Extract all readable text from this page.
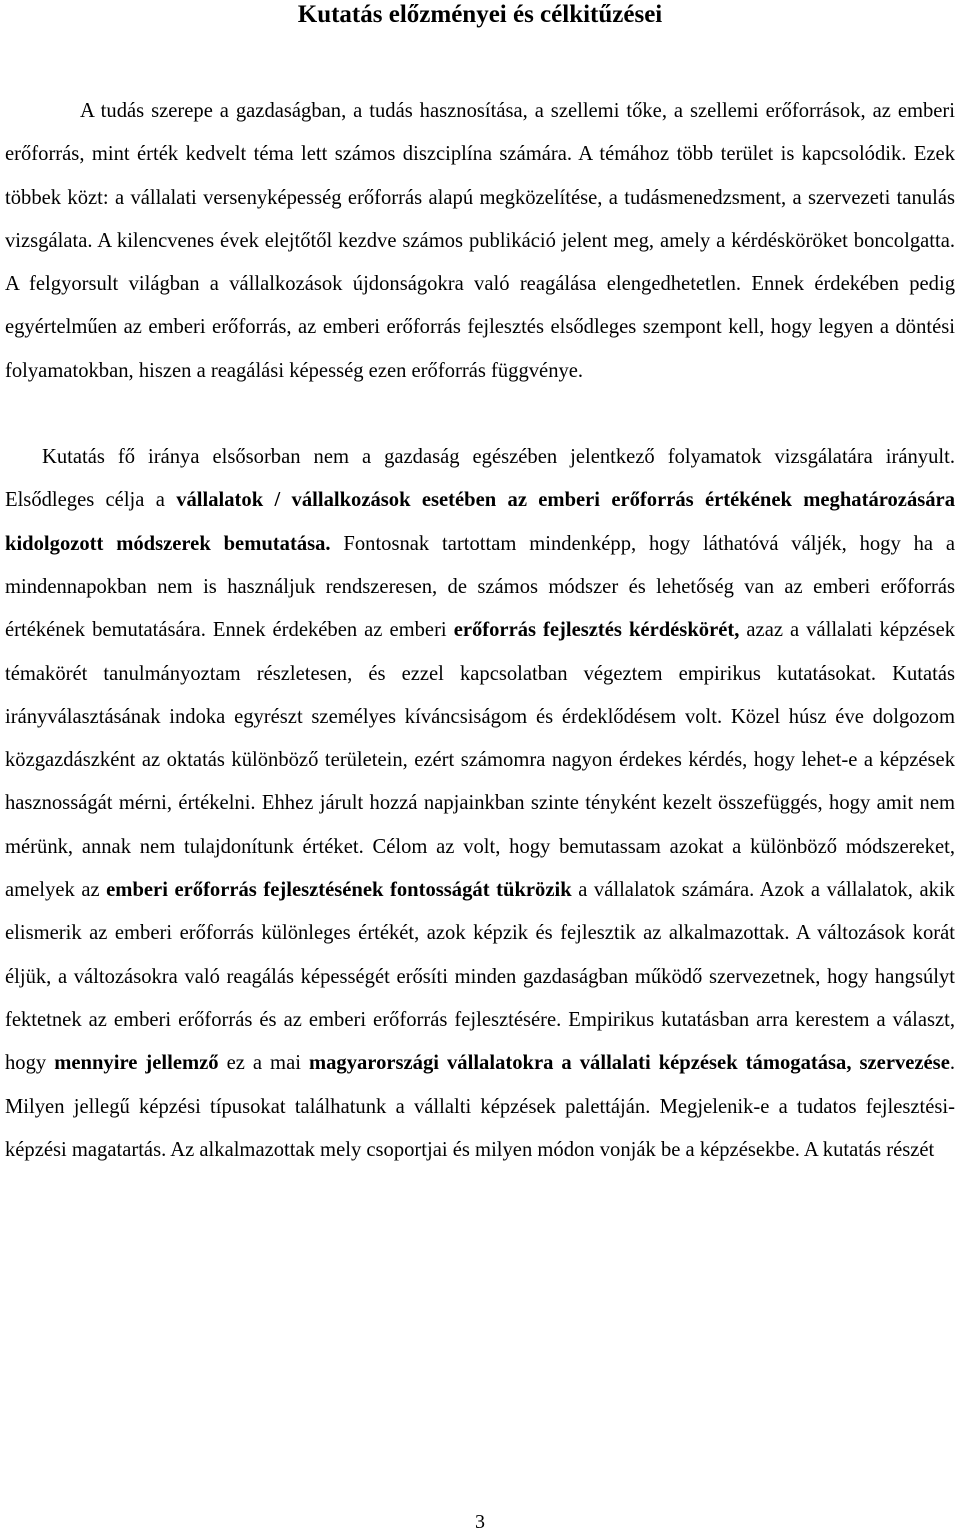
Kutatás előzményei és célkitűzései

A tudás szerepe a gazdaságban, a tudás hasznosítása, a szellemi tőke, a szellemi erőforrások, az emberi erőforrás, mint érték kedvelt téma lett számos diszciplína számára. A témához több terület is kapcsolódik. Ezek többek közt: a vállalati versenyképesség erőforrás alapú megközelítése, a tudásmenedzsment, a szervezeti tanulás vizsgálata. A kilencvenes évek elejtőtől kezdve számos publikáció jelent meg, amely a kérdésköröket boncolgatta. A felgyorsult világban a vállalkozások újdonságokra való reagálása elengedhetetlen. Ennek érdekében pedig egyértelműen az emberi erőforrás, az emberi erőforrás fejlesztés elsődleges szempont kell, hogy legyen a döntési folyamatokban, hiszen a reagálási képesség ezen erőforrás függvénye.

Kutatás fő iránya elsősorban nem a gazdaság egészében jelentkező folyamatok vizsgálatára irányult. Elsődleges célja a vállalatok / vállalkozások esetében az emberi erőforrás értékének meghatározására kidolgozott módszerek bemutatása. Fontosnak tartottam mindenképp, hogy láthatóvá váljék, hogy ha a mindennapokban nem is használjuk rendszeresen, de számos módszer és lehetőség van az emberi erőforrás értékének bemutatására. Ennek érdekében az emberi erőforrás fejlesztés kérdéskörét, azaz a vállalati képzések témakörét tanulmányoztam részletesen, és ezzel kapcsolatban végeztem empirikus kutatásokat. Kutatás irányválasztásának indoka egyrészt személyes kíváncsiságom és érdeklődésem volt. Közel húsz éve dolgozom közgazdászként az oktatás különböző területein, ezért számomra nagyon érdekes kérdés, hogy lehet-e a képzések hasznosságát mérni, értékelni. Ehhez járult hozzá napjainkban szinte tényként kezelt összefüggés, hogy amit nem mérünk, annak nem tulajdonítunk értéket. Célom az volt, hogy bemutassam azokat a különböző módszereket, amelyek az emberi erőforrás fejlesztésének fontosságát tükrözik a vállalatok számára. Azok a vállalatok, akik elismerik az emberi erőforrás különleges értékét, azok képzik és fejlesztik az alkalmazottak. A változások korát éljük, a változásokra való reagálás képességét erősíti minden gazdaságban működő szervezetnek, hogy hangsúlyt fektetnek az emberi erőforrás és az emberi erőforrás fejlesztésére. Empirikus kutatásban arra kerestem a választ, hogy mennyire jellemző ez a mai magyarországi vállalatokra a vállalati képzések támogatása, szervezése. Milyen jellegű képzési típusokat találhatunk a vállalti képzések palettáján. Megjelenik-e a tudatos fejlesztési-képzési magatartás. Az alkalmazottak mely csoportjai és milyen módon vonják be a képzésekbe. A kutatás részét

3
